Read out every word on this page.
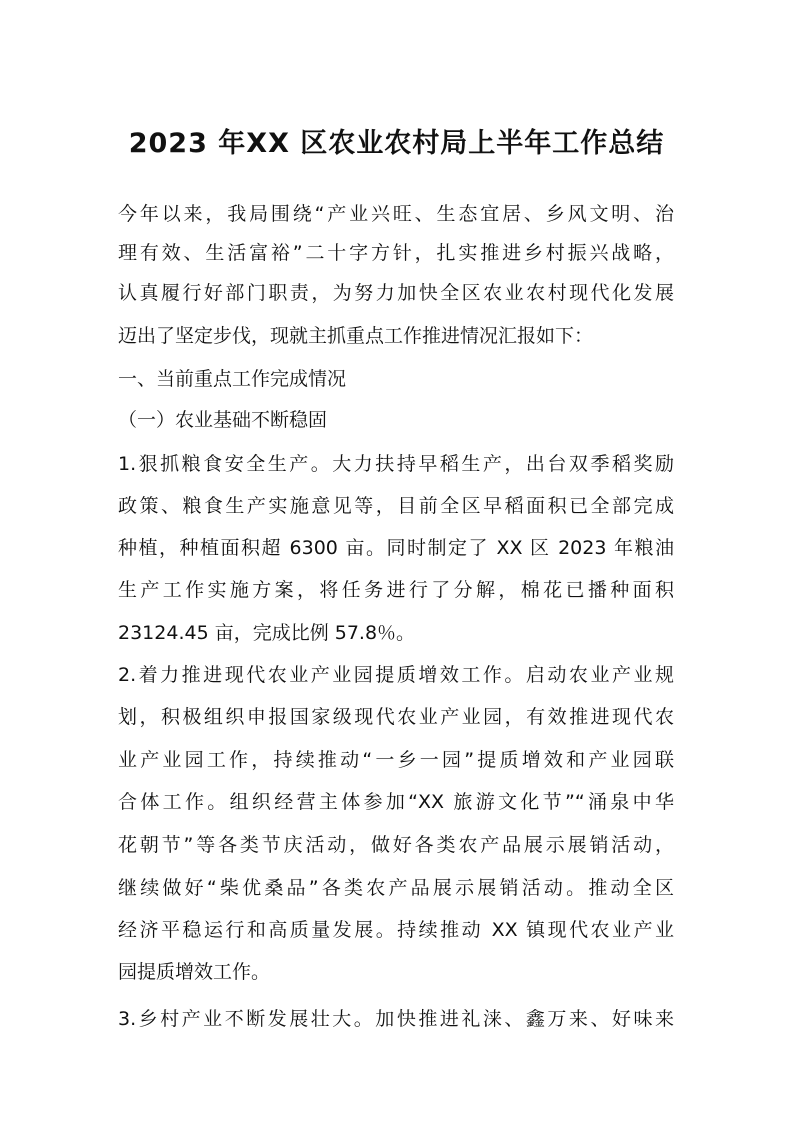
2023 年XX 区农业农村局上半年工作总结
今年以来，我局围绕“产业兴旺、生态宜居、乡风文明、治
理有效、生活富裕”二十字方针，扎实推进乡村振兴战略，
认真履行好部门职责，为努力加快全区农业农村现代化发展
迈出了坚定步伐，现就主抓重点工作推进情况汇报如下：
一、当前重点工作完成情况
（一）农业基础不断稳固
1.狠抓粮食安全生产。大力扶持早稻生产，出台双季稻奖励
政策、粮食生产实施意见等，目前全区早稻面积已全部完成
种植，种植面积超 6300 亩。同时制定了 XX 区 2023 年粮油
生产工作实施方案，将任务进行了分解，棉花已播种面积
23124.45 亩，完成比例 57.8％。
2.着力推进现代农业产业园提质增效工作。启动农业产业规
划，积极组织申报国家级现代农业产业园，有效推进现代农
业产业园工作，持续推动“一乡一园”提质增效和产业园联
合体工作。组织经营主体参加“XX 旅游文化节”“涌泉中华
花朝节”等各类节庆活动，做好各类农产品展示展销活动，
继续做好“柴优桑品”各类农产品展示展销活动。推动全区
经济平稳运行和高质量发展。持续推动 XX 镇现代农业产业
园提质增效工作。
3.乡村产业不断发展壮大。加快推进礼涞、鑫万来、好味来
